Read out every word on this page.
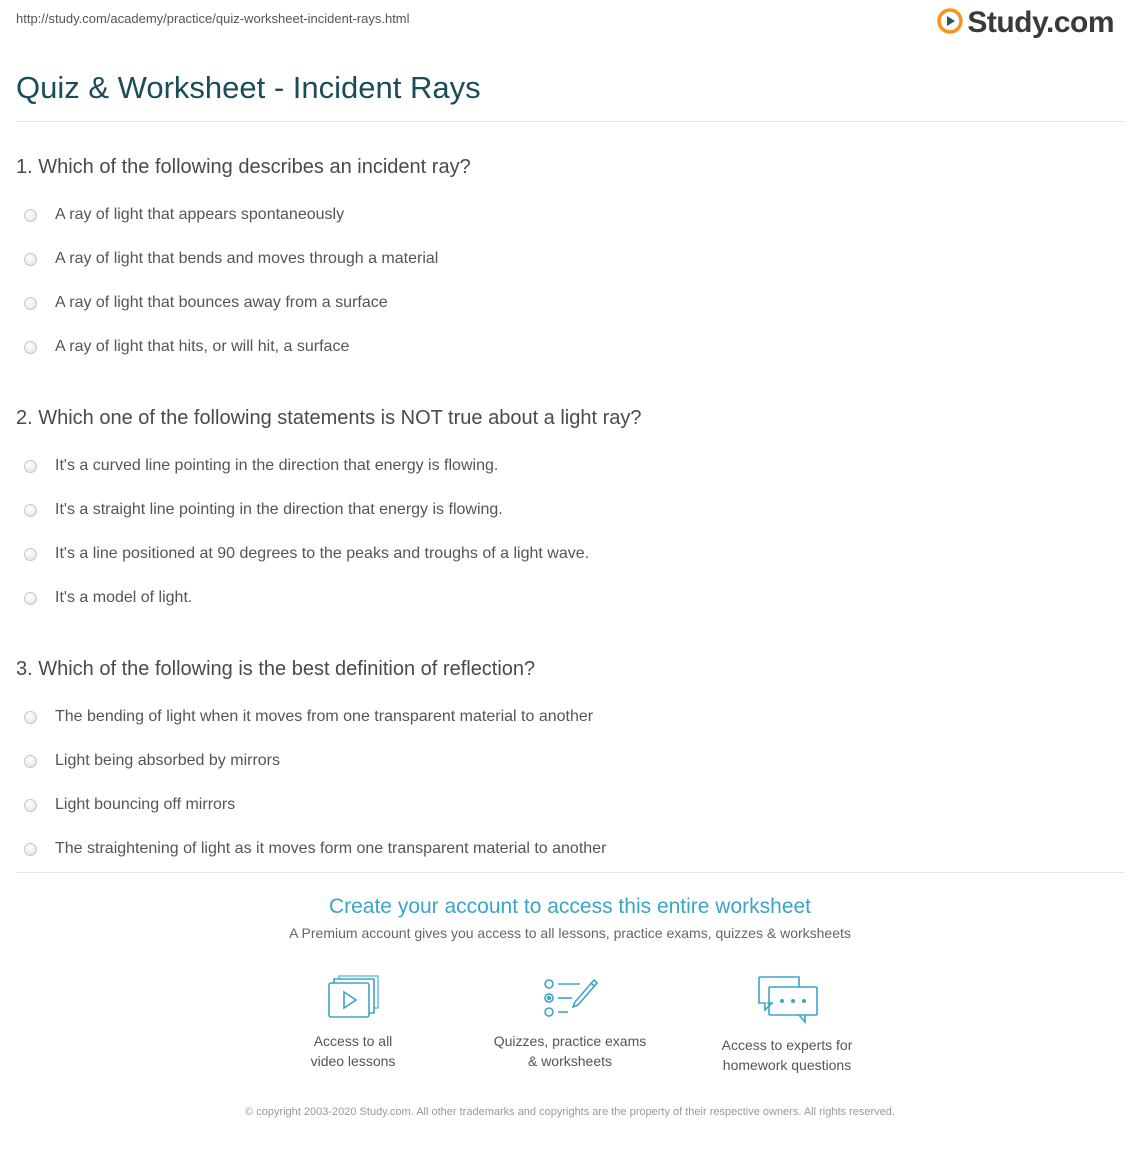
http://study.com/academy/practice/quiz-worksheet-incident-rays.html	Study.com
Quiz & Worksheet - Incident Rays
1. Which of the following describes an incident ray?
A ray of light that appears spontaneously
A ray of light that bends and moves through a material
A ray of light that bounces away from a surface
A ray of light that hits, or will hit, a surface
2. Which one of the following statements is NOT true about a light ray?
It's a curved line pointing in the direction that energy is flowing.
It's a straight line pointing in the direction that energy is flowing.
It's a line positioned at 90 degrees to the peaks and troughs of a light wave.
It's a model of light.
3. Which of the following is the best definition of reflection?
The bending of light when it moves from one transparent material to another
Light being absorbed by mirrors
Light bouncing off mirrors
The straightening of light as it moves form one transparent material to another
Create your account to access this entire worksheet
A Premium account gives you access to all lessons, practice exams, quizzes & worksheets
Access to all
video lessons
Quizzes, practice exams
& worksheets
Access to experts for
homework questions
© copyright 2003-2020 Study.com. All other trademarks and copyrights are the property of their respective owners. All rights reserved.
